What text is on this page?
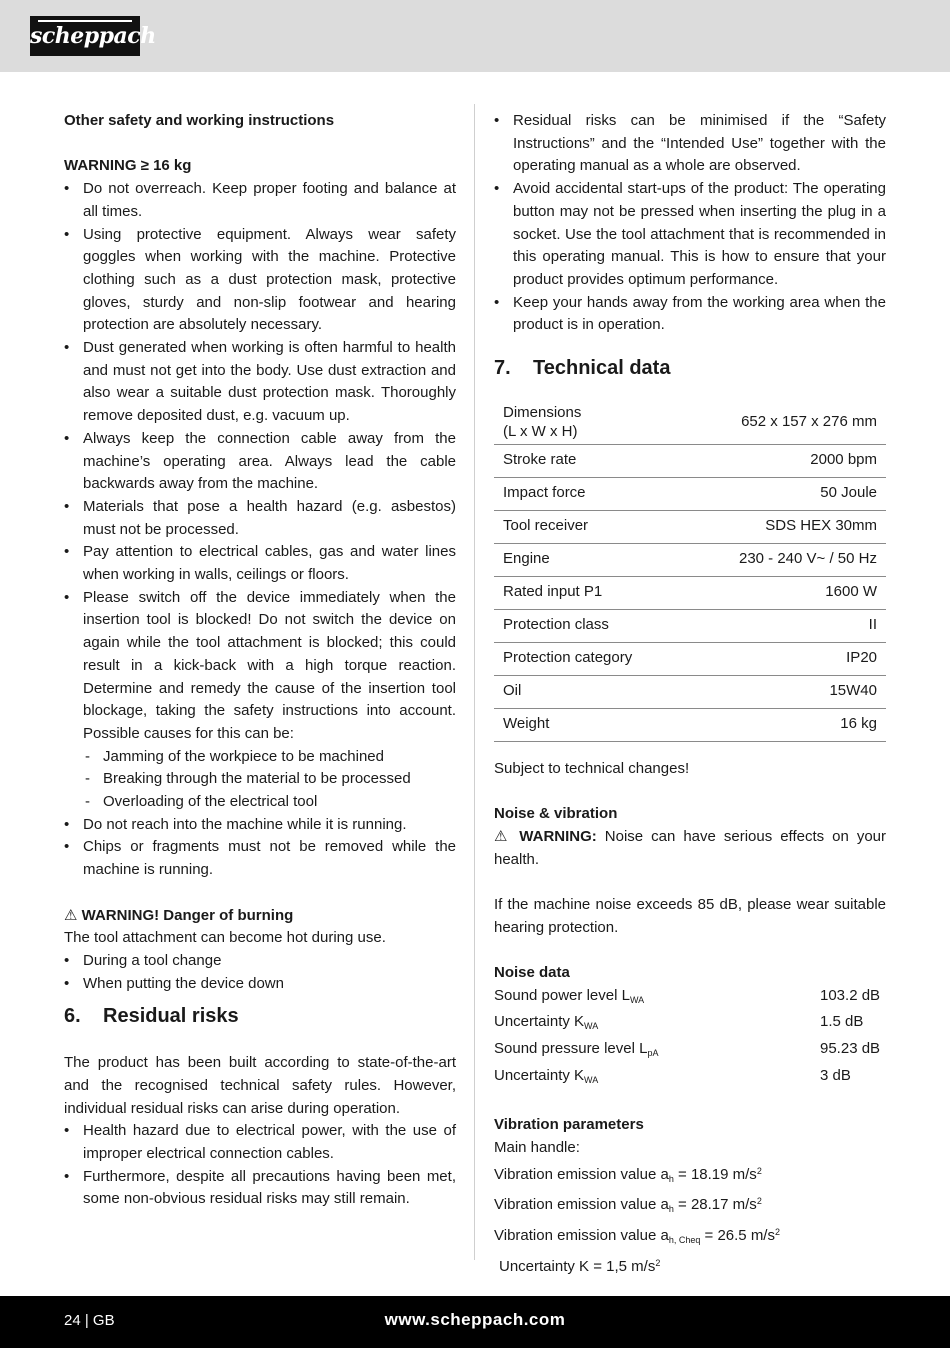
scheppach

Other safety and working instructions

WARNING ≥ 16 kg

• Do not overreach. Keep proper footing and balance at all times.

• Using protective equipment. Always wear safety goggles when working with the machine. Protective clothing such as a dust protection mask, protective gloves, sturdy and non-slip footwear and hearing protection are absolutely necessary.

• Dust generated when working is often harmful to health and must not get into the body. Use dust extraction and also wear a suitable dust protection mask. Thoroughly remove deposited dust, e.g. vacuum up.

• Always keep the connection cable away from the machine’s operating area. Always lead the cable backwards away from the machine.

• Materials that pose a health hazard (e.g. asbestos) must not be processed.

• Pay attention to electrical cables, gas and water lines when working in walls, ceilings or floors.

• Please switch off the device immediately when the insertion tool is blocked! Do not switch the device on again while the tool attachment is blocked; this could result in a kick-back with a high torque reaction. Determine and remedy the cause of the insertion tool blockage, taking the safety instructions into account. Possible causes for this can be:

- Jamming of the workpiece to be machined

- Breaking through the material to be processed

- Overloading of the electrical tool

• Do not reach into the machine while it is running.

• Chips or fragments must not be removed while the machine is running.

⚠ WARNING! Danger of burning

The tool attachment can become hot during use.

• During a tool change

• When putting the device down

6.	Residual risks

The product has been built according to state-of-the-art and the recognised technical safety rules. However, individual residual risks can arise during operation.

• Health hazard due to electrical power, with the use of improper electrical connection cables.

• Furthermore, despite all precautions having been met, some non-obvious residual risks may still remain.

• Residual risks can be minimised if the “Safety Instructions” and the “Intended Use” together with the operating manual as a whole are observed.

• Avoid accidental start-ups of the product: The operating button may not be pressed when inserting the plug in a socket. Use the tool attachment that is recommended in this operating manual. This is how to ensure that your product provides optimum performance.

• Keep your hands away from the working area when the product is in operation.

7.	Technical data

Dimensions
(L x W x H)	652 x 157 x 276 mm
Stroke rate	2000 bpm
Impact force	50 Joule
Tool receiver	SDS HEX 30mm
Engine	230 - 240 V~ / 50 Hz
Rated input P1	1600 W
Protection class	II
Protection category	IP20
Oil	15W40
Weight	16 kg

Subject to technical changes!

Noise & vibration

⚠ WARNING: Noise can have serious effects on your health.

If the machine noise exceeds 85 dB, please wear suitable hearing protection.

Noise data

Sound power level $L_{WA}$	103.2 dB
Uncertainty $K_{WA}$	1.5 dB
Sound pressure level $L_{pA}$	95.23 dB
Uncertainty $K_{WA}$	3 dB

Vibration parameters

Main handle:

Vibration emission value $a_h = 18.19$ $m/s^2$

Vibration emission value $a_h = 28.17$ $m/s^2$

Vibration emission value $a_{h, Cheq} = 26.5$ $m/s^2$

Uncertainty K = 1,5 $m/s^2$

24 | GB	www.scheppach.com
